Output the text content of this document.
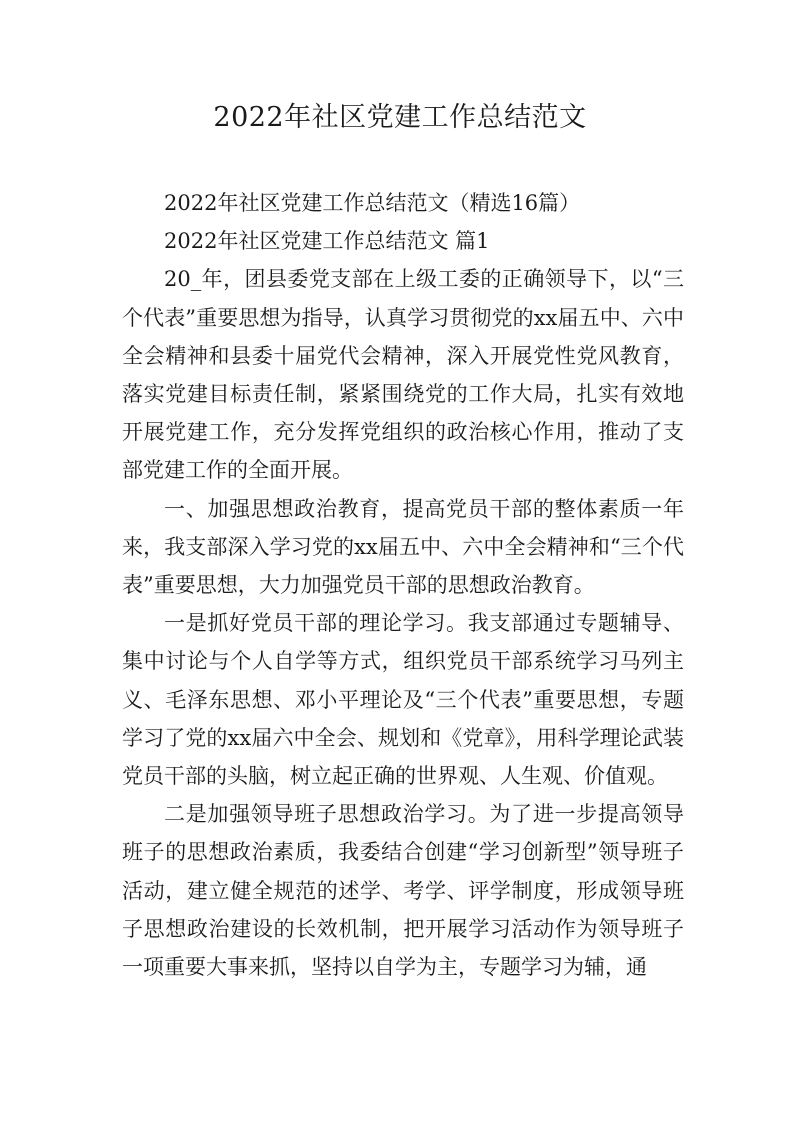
2022年社区党建工作总结范文

2022年社区党建工作总结范文（精选16篇）

2022年社区党建工作总结范文 篇1

20_年，团县委党支部在上级工委的正确领导下，以“三个代表”重要思想为指导，认真学习贯彻党的xx届五中、六中全会精神和县委十届党代会精神，深入开展党性党风教育，落实党建目标责任制，紧紧围绕党的工作大局，扎实有效地开展党建工作，充分发挥党组织的政治核心作用，推动了支部党建工作的全面开展。

一、加强思想政治教育，提高党员干部的整体素质一年来，我支部深入学习党的xx届五中、六中全会精神和“三个代表”重要思想，大力加强党员干部的思想政治教育。

一是抓好党员干部的理论学习。我支部通过专题辅导、集中讨论与个人自学等方式，组织党员干部系统学习马列主义、毛泽东思想、邓小平理论及“三个代表”重要思想，专题学习了党的xx届六中全会、规划和《党章》，用科学理论武装党员干部的头脑，树立起正确的世界观、人生观、价值观。

二是加强领导班子思想政治学习。为了进一步提高领导班子的思想政治素质，我委结合创建“学习创新型”领导班子活动，建立健全规范的述学、考学、评学制度，形成领导班子思想政治建设的长效机制，把开展学习活动作为领导班子一项重要大事来抓，坚持以自学为主，专题学习为辅，通
